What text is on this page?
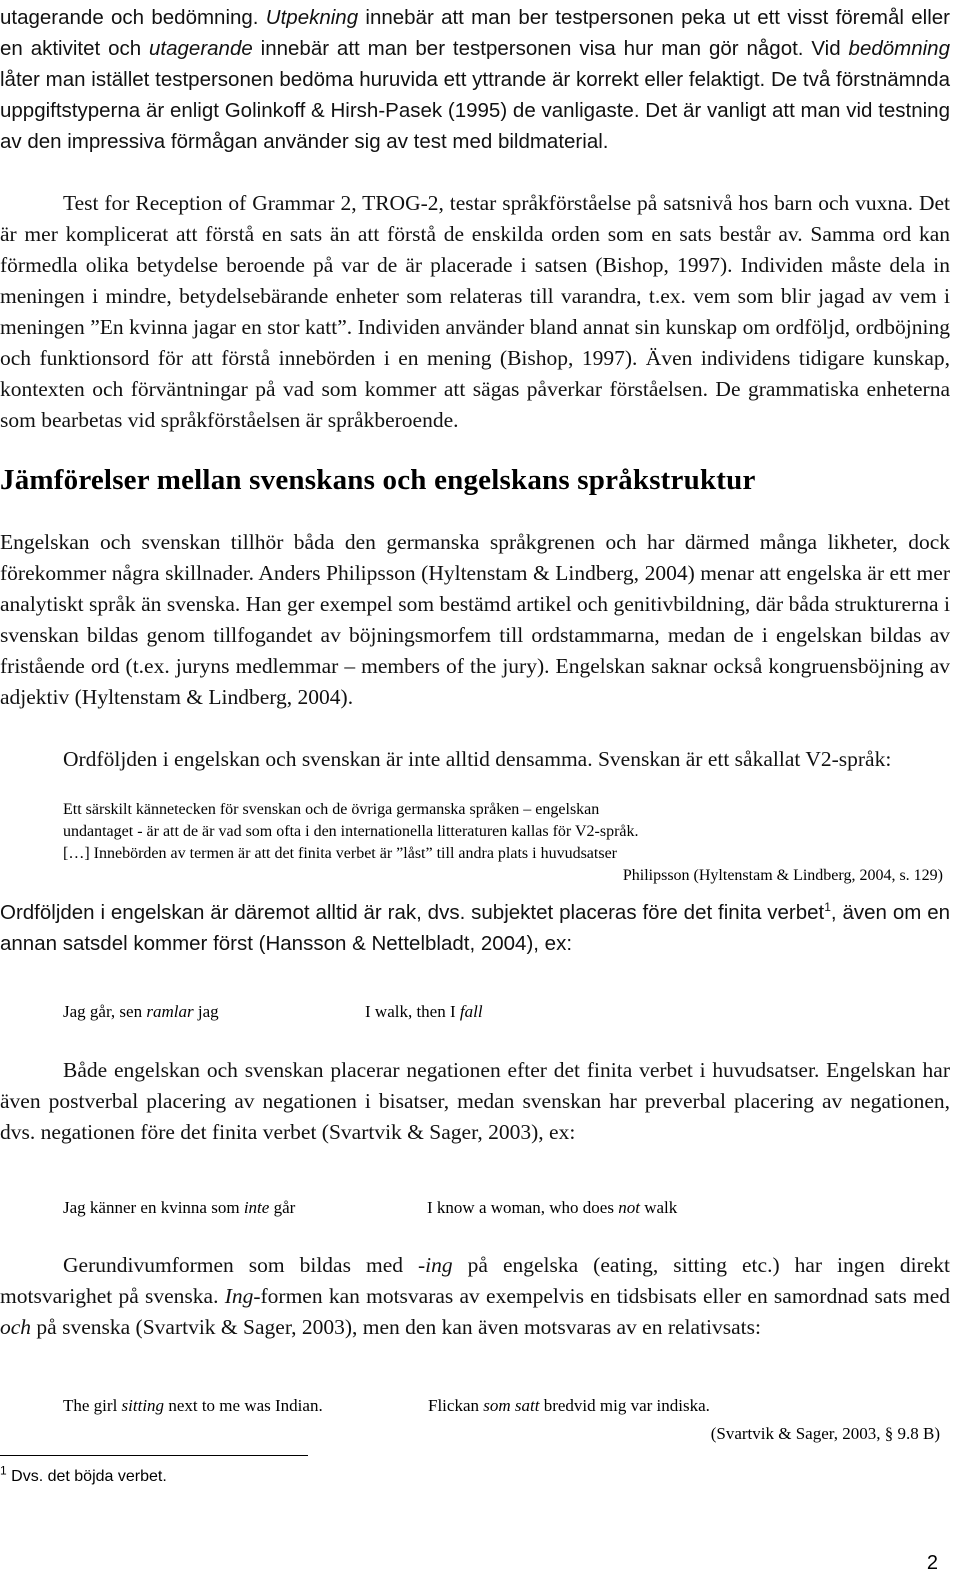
utagerande och bedömning. Utpekning innebär att man ber testpersonen peka ut ett visst föremål eller en aktivitet och utagerande innebär att man ber testpersonen visa hur man gör något. Vid bedömning låter man istället testpersonen bedöma huruvida ett yttrande är korrekt eller felaktigt. De två förstnämnda uppgiftstyperna är enligt Golinkoff & Hirsh-Pasek (1995) de vanligaste. Det är vanligt att man vid testning av den impressiva förmågan använder sig av test med bildmaterial.

Test for Reception of Grammar 2, TROG-2, testar språkförståelse på satsnivå hos barn och vuxna. Det är mer komplicerat att förstå en sats än att förstå de enskilda orden som en sats består av. Samma ord kan förmedla olika betydelse beroende på var de är placerade i satsen (Bishop, 1997). Individen måste dela in meningen i mindre, betydelsebärande enheter som relateras till varandra, t.ex. vem som blir jagad av vem i meningen ”En kvinna jagar en stor katt”. Individen använder bland annat sin kunskap om ordföljd, ordböjning och funktionsord för att förstå innebörden i en mening (Bishop, 1997). Även individens tidigare kunskap, kontexten och förväntningar på vad som kommer att sägas påverkar förståelsen. De grammatiska enheterna som bearbetas vid språkförståelsen är språkberoende.

Jämförelser mellan svenskans och engelskans språkstruktur

Engelskan och svenskan tillhör båda den germanska språkgrenen och har därmed många likheter, dock förekommer några skillnader. Anders Philipsson (Hyltenstam & Lindberg, 2004) menar att engelska är ett mer analytiskt språk än svenska. Han ger exempel som bestämd artikel och genitivbildning, där båda strukturerna i svenskan bildas genom tillfogandet av böjningsmorfem till ordstammarna, medan de i engelskan bildas av fristående ord (t.ex. juryns medlemmar – members of the jury). Engelskan saknar också kongruensböjning av adjektiv (Hyltenstam & Lindberg, 2004).

Ordföljden i engelskan och svenskan är inte alltid densamma. Svenskan är ett såkallat V2-språk:

Ett särskilt kännetecken för svenskan och de övriga germanska språken – engelskan
undantaget - är att de är vad som ofta i den internationella litteraturen kallas för V2-språk.
[…] Innebörden av termen är att det finita verbet är ”låst” till andra plats i huvudsatser
Philipsson (Hyltenstam & Lindberg, 2004, s. 129)

Ordföljden i engelskan är däremot alltid är rak, dvs. subjektet placeras före det finita verbet$^1$, även om en annan satsdel kommer först (Hansson & Nettelbladt, 2004), ex:

Jag går, sen ramlar jag	I walk, then I fall

Både engelskan och svenskan placerar negationen efter det finita verbet i huvudsatser. Engelskan har även postverbal placering av negationen i bisatser, medan svenskan har preverbal placering av negationen, dvs. negationen före det finita verbet (Svartvik & Sager, 2003), ex:

Jag känner en kvinna som inte går	I know a woman, who does not walk

Gerundivumformen som bildas med -ing på engelska (eating, sitting etc.) har ingen direkt motsvarighet på svenska. Ing-formen kan motsvaras av exempelvis en tidsbisats eller en samordnad sats med och på svenska (Svartvik & Sager, 2003), men den kan även motsvaras av en relativsats:

The girl sitting next to me was Indian.	Flickan som satt bredvid mig var indiska.
(Svartvik & Sager, 2003, § 9.8 B)
$^1$ Dvs. det böjda verbet.
2
